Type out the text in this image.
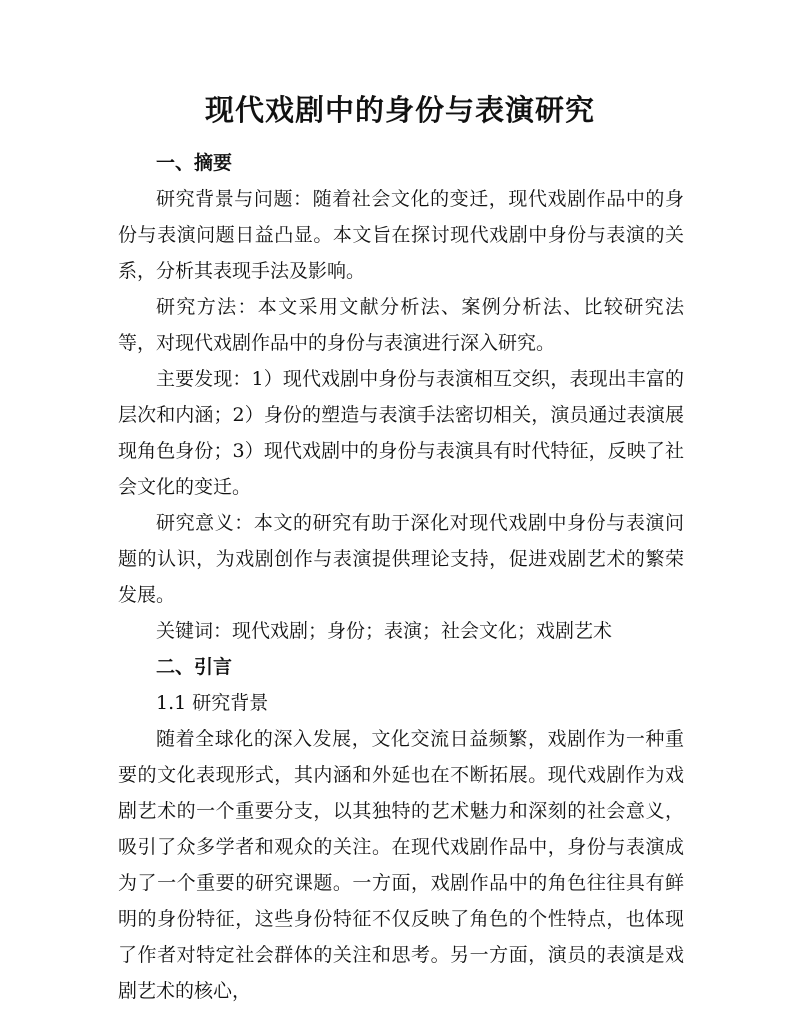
现代戏剧中的身份与表演研究
一、摘要

研究背景与问题：随着社会文化的变迁，现代戏剧作品中的身份与表演问题日益凸显。本文旨在探讨现代戏剧中身份与表演的关系，分析其表现手法及影响。

研究方法：本文采用文献分析法、案例分析法、比较研究法等，对现代戏剧作品中的身份与表演进行深入研究。

主要发现：1）现代戏剧中身份与表演相互交织，表现出丰富的层次和内涵；2）身份的塑造与表演手法密切相关，演员通过表演展现角色身份；3）现代戏剧中的身份与表演具有时代特征，反映了社会文化的变迁。

研究意义：本文的研究有助于深化对现代戏剧中身份与表演问题的认识，为戏剧创作与表演提供理论支持，促进戏剧艺术的繁荣发展。

关键词：现代戏剧；身份；表演；社会文化；戏剧艺术
二、引言
1.1 研究背景

随着全球化的深入发展，文化交流日益频繁，戏剧作为一种重要的文化表现形式，其内涵和外延也在不断拓展。现代戏剧作为戏剧艺术的一个重要分支，以其独特的艺术魅力和深刻的社会意义，吸引了众多学者和观众的关注。在现代戏剧作品中，身份与表演成为了一个重要的研究课题。一方面，戏剧作品中的角色往往具有鲜明的身份特征，这些身份特征不仅反映了角色的个性特点，也体现了作者对特定社会群体的关注和思考。另一方面，演员的表演是戏剧艺术的核心，
